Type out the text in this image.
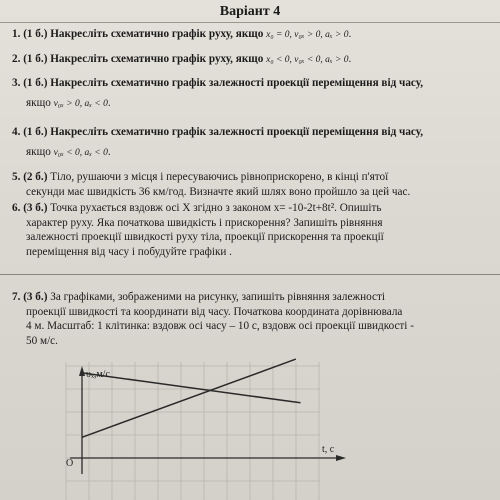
Варіант 4
1. (1 б.) Накресліть схематично графік руху, якщо x₀ = 0, v₀ₓ > 0, aₓ > 0.
2. (1 б.) Накресліть схематично графік руху, якщо x₀ < 0, v₀ₓ < 0, aₓ > 0.
3. (1 б.) Накресліть схематично графік залежності проекції переміщення від часу,
якщо v₀ₓ > 0, aₓ < 0.
4. (1 б.) Накресліть схематично графік залежності проекції переміщення від часу,
якщо v₀ₓ < 0, aₓ < 0.
5. (2 б.) Тіло, рушаючи з місця і пересуваючись рівноприскорено, в кінці п'ятої
секунди має швидкість 36 км/год. Визначте який шлях воно пройшло за цей час.
6. (3 б.) Точка рухається вздовж осі Х згідно з законом x= -10-2t+8t². Опишіть
характер руху. Яка початкова швидкість і прискорення? Запишіть рівняння
залежності проекції швидкості руху тіла, проекції прискорення та проекції
переміщення від часу і побудуйте графіки .
7. (3 б.) За графіками, зображеними на рисунку, запишіть рівняння залежності
проекції швидкості та координати від часу. Початкова координата дорівнювала
4 м. Масштаб: 1 клітинка: вздовж осі часу – 10 с, вздовж осі проекції швидкості -
50 м/с.
υₓ,м/с
t, c
O
